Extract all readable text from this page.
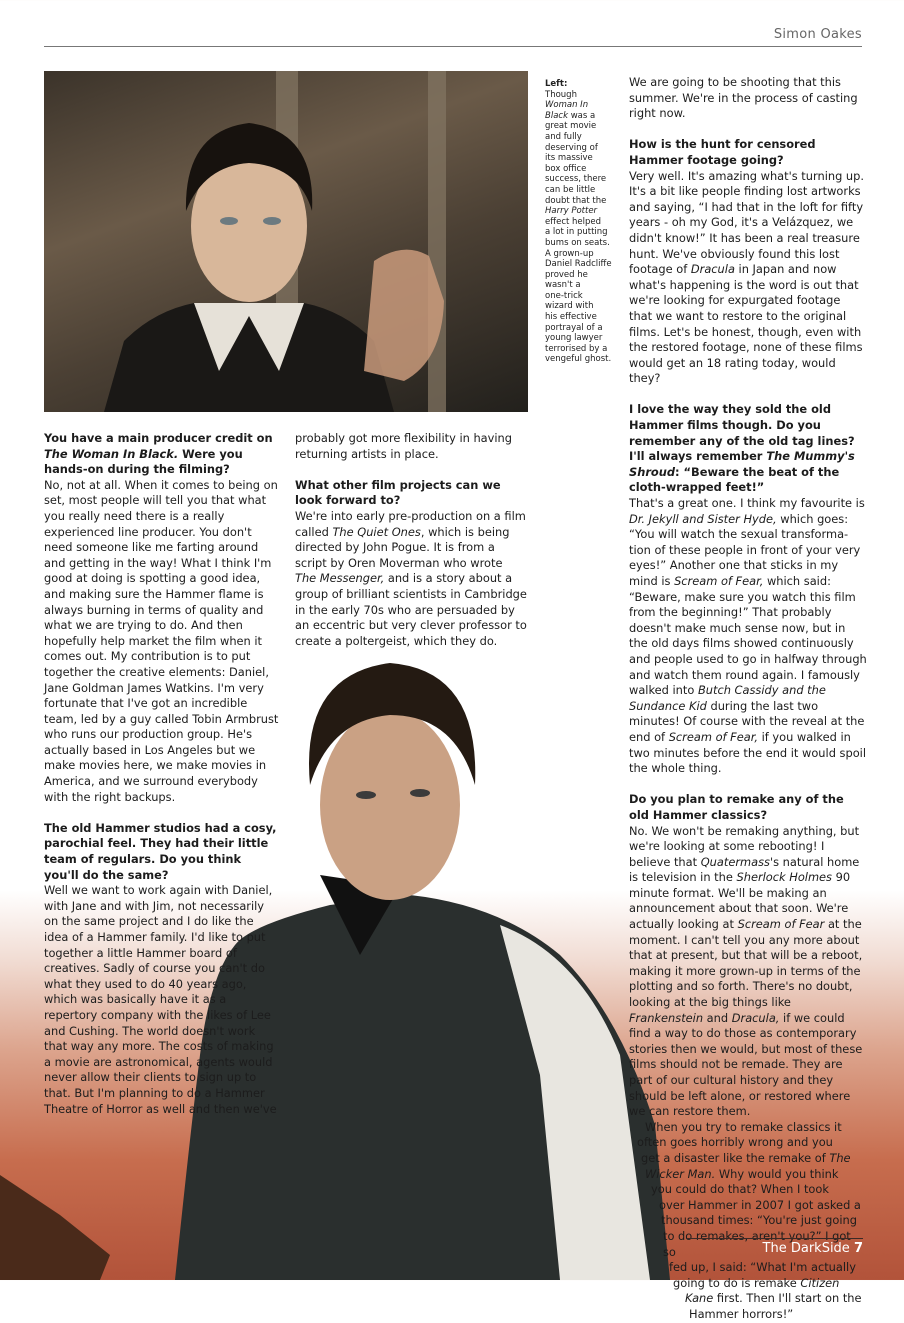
Simon Oakes
Left:
Though
Woman In
Black was a
great movie
and fully
deserving of
its massive
box office
success, there
can be little
doubt that the
Harry Potter
effect helped
a lot in putting
bums on seats.
A grown-up
Daniel Radcliffe
proved he
wasn't a
one-trick
wizard with
his effective
portrayal of a
young lawyer
terrorised by a
vengeful ghost.

You have a main producer credit on The Woman In Black. Were you hands-on during the filming?

No, not at all. When it comes to being on set, most people will tell you that what you really need there is a really experienced line producer. You don't need someone like me farting around and getting in the way! What I think I'm good at doing is spotting a good idea, and making sure the Hammer flame is always burning in terms of quality and what we are trying to do. And then hopefully help market the film when it comes out. My contribution is to put together the creative elements: Daniel, Jane Goldman James Watkins. I'm very fortunate that I've got an incredible team, led by a guy called Tobin Armbrust who runs our production group. He's actually based in Los Angeles but we make movies here, we make movies in America, and we surround everybody with the right backups.

The old Hammer studios had a cosy, parochial feel. They had their little team of regulars. Do you think you'll do the same?

Well we want to work again with Daniel, with Jane and with Jim, not necessarily on the same project and I do like the idea of a Hammer family. I'd like to put together a little Hammer board of creatives. Sadly of course you can't do what they used to do 40 years ago, which was basically have it as a repertory company with the likes of Lee and Cushing. The world doesn't work that way any more. The costs of making a movie are astronomical, agents would never allow their clients to sign up to that. But I'm planning to do a Hammer Theatre of Horror as well and then we've

probably got more flexibility in having returning artists in place.

What other film projects can we look forward to?

We're into early pre-production on a film called The Quiet Ones, which is being directed by John Pogue. It is from a script by Oren Moverman who wrote The Messenger, and is a story about a group of brilliant scientists in Cambridge in the early 70s who are persuaded by an eccentric but very clever professor to create a poltergeist, which they do.

We are going to be shooting that this summer. We're in the process of casting right now.

How is the hunt for censored Hammer footage going?

Very well. It's amazing what's turning up. It's a bit like people finding lost artworks and saying, “I had that in the loft for fifty years - oh my God, it's a Velázquez, we didn't know!” It has been a real treasure hunt. We've obviously found this lost footage of Dracula in Japan and now what's happening is the word is out that we're looking for expurgated footage that we want to restore to the original films. Let's be honest, though, even with the restored footage, none of these films would get an 18 rating today, would they?

I love the way they sold the old Hammer films though. Do you remember any of the old tag lines? I'll always remember The Mummy's Shroud: “Beware the beat of the cloth-wrapped feet!”

That's a great one. I think my favourite is Dr. Jekyll and Sister Hyde, which goes: “You will watch the sexual transforma-tion of these people in front of your very eyes!” Another one that sticks in my mind is Scream of Fear, which said: “Beware, make sure you watch this film from the beginning!” That probably doesn't make much sense now, but in the old days films showed continuously and people used to go in halfway through and watch them round again. I famously walked into Butch Cassidy and the Sundance Kid during the last two minutes! Of course with the reveal at the end of Scream of Fear, if you walked in two minutes before the end it would spoil the whole thing.

Do you plan to remake any of the old Hammer classics?

No. We won't be remaking anything, but we're looking at some rebooting! I believe that Quatermass's natural home is television in the Sherlock Holmes 90 minute format. We'll be making an announcement about that soon. We're actually looking at Scream of Fear at the moment. I can't tell you any more about that at present, but that will be a reboot, making it more grown-up in terms of the plotting and so forth. There's no doubt, looking at the big things like Frankenstein and Dracula, if we could find a way to do those as contemporary stories then we would, but most of these films should not be remade. They are part of our cultural history and they should be left alone, or restored where we can restore them.

When you try to remake classics it
often goes horribly wrong and you
get a disaster like the remake of The
Wicker Man. Why would you think
you could do that? When I took
over Hammer in 2007 I got asked a
thousand times: “You're just going
to do remakes, aren't you?” I got so
fed up, I said: “What I'm actually
going to do is remake Citizen
Kane first. Then I'll start on the
Hammer horrors!”
The DarkSide 7
